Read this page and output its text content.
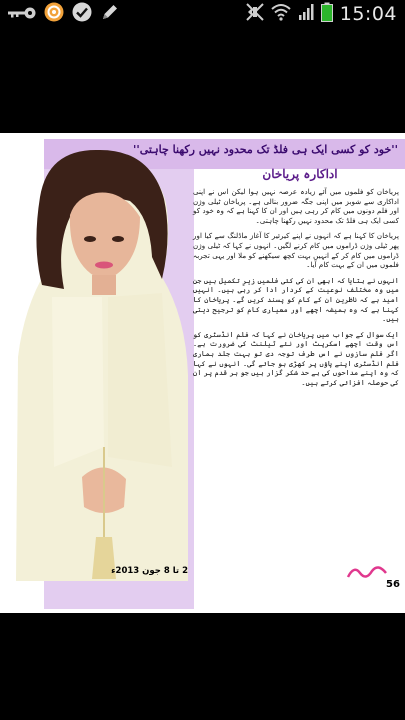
15:04
''خود کو کسی ایک ہی فلڈ تک محدود نہیں رکھنا چاہتی''
اداکارہ پریاخان

پریاخان کو فلموں میں آئے زیادہ عرصہ نہیں ہوا لیکن اس نے اپنی اداکاری سے شوبز میں اپنی جگہ ضرور بنالی ہے۔ پریاخان ٹیلی وژن اور فلم دونوں میں کام کر رہی ہیں اور ان کا کہنا ہے کہ وہ خود کو کسی ایک ہی فلڈ تک محدود نہیں رکھنا چاہتی۔

پریاخان کا کہنا ہے کہ انہوں نے اپنے کیرئیر کا آغاز ماڈلنگ سے کیا اور پھر ٹیلی وژن ڈراموں میں کام کرنے لگیں۔ انہوں نے کہا کہ ٹیلی وژن ڈراموں میں کام کر کے انہیں بہت کچھ سیکھنے کو ملا اور یہی تجربہ فلموں میں ان کے بہت کام آیا۔

انہوں نے بتایا کہ ابھی ان کی کئی فلمیں زیرِ تکمیل ہیں جن میں وہ مختلف نوعیت کے کردار ادا کر رہی ہیں۔ انہیں امید ہے کہ ناظرین ان کے کام کو پسند کریں گے۔ پریاخان کا کہنا ہے کہ وہ ہمیشہ اچھے اور معیاری کام کو ترجیح دیتی ہیں۔

ایک سوال کے جواب میں پریاخان نے کہا کہ فلم انڈسٹری کو اس وقت اچھے اسکرپٹ اور نئے ٹیلنٹ کی ضرورت ہے۔ اگر فلم سازوں نے اس طرف توجہ دی تو بہت جلد ہماری فلم انڈسٹری اپنے پاؤں پر کھڑی ہو جائے گی۔ انہوں نے کہا کہ وہ اپنے مداحوں کی بے حد شکر گزار ہیں جو ہر قدم پر ان کی حوصلہ افزائی کرتے ہیں۔

2 تا 8 جون 2013ء
56
